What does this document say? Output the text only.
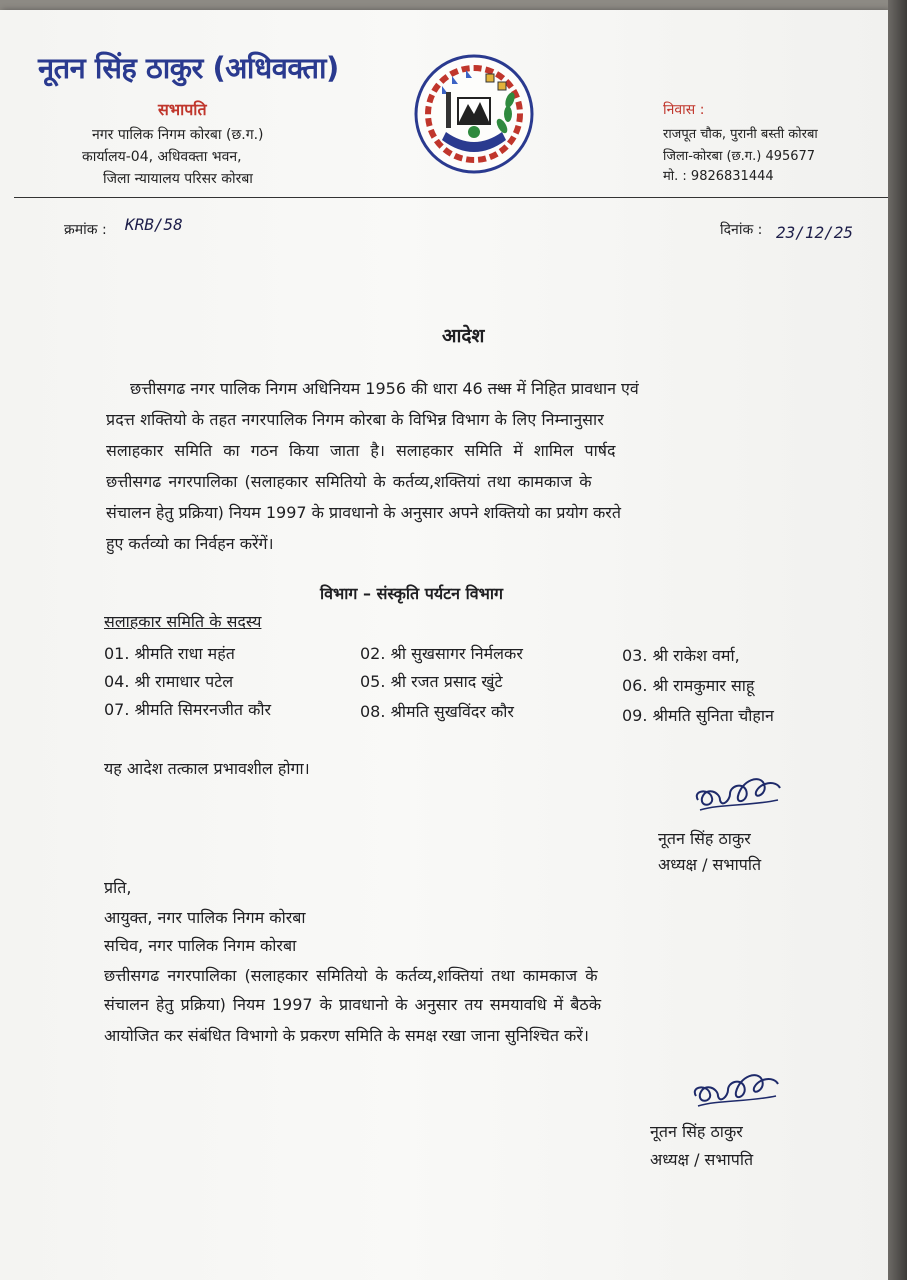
नूतन सिंह ठाकुर (अधिवक्ता)
सभापति
नगर पालिक निगम कोरबा (छ.ग.)
कार्यालय-04, अधिवक्ता भवन,
जिला न्यायालय परिसर कोरबा
निवास :
राजपूत चौक, पुरानी बस्ती कोरबा
जिला-कोरबा (छ.ग.) 495677
मो. : 9826831444
क्रमांक : KRB/58	दिनांक : 23/12/25
आदेश
छत्तीसगढ नगर पालिक निगम अधिनियम 1956 की धारा 46 तथा में निहित प्रावधान एवं
प्रदत्त शक्तियो के तहत नगरपालिक निगम कोरबा के विभिन्न विभाग के लिए निम्नानुसार
सलाहकार समिति का गठन किया जाता है। सलाहकार समिति में शामिल पार्षद
छत्तीसगढ नगरपालिका (सलाहकार समितियो के कर्तव्य,शक्तियां तथा कामकाज के
संचालन हेतु प्रक्रिया) नियम 1997 के प्रावधानो के अनुसार अपने शक्तियो का प्रयोग करते
हुए कर्तव्यो का निर्वहन करेंगें।
विभाग – संस्कृति पर्यटन विभाग
सलाहकार समिति के सदस्य
01. श्रीमति राधा महंत	02. श्री सुखसागर निर्मलकर	03. श्री राकेश वर्मा,
04. श्री रामाधार पटेल	05. श्री रजत प्रसाद खुंटे	06. श्री रामकुमार साहू
07. श्रीमति सिमरनजीत कौर	08. श्रीमति सुखविंदर कौर	09. श्रीमति सुनिता चौहान
यह आदेश तत्काल प्रभावशील होगा।
नूतन सिंह ठाकुर
अध्यक्ष / सभापति
प्रति,
आयुक्त, नगर पालिक निगम कोरबा
सचिव, नगर पालिक निगम कोरबा
छत्तीसगढ नगरपालिका (सलाहकार समितियो के कर्तव्य,शक्तियां तथा कामकाज के
संचालन हेतु प्रक्रिया) नियम 1997 के प्रावधानो के अनुसार तय समयावधि में बैठके
आयोजित कर संबंधित विभागो के प्रकरण समिति के समक्ष रखा जाना सुनिश्चित करें।
नूतन सिंह ठाकुर
अध्यक्ष / सभापति
